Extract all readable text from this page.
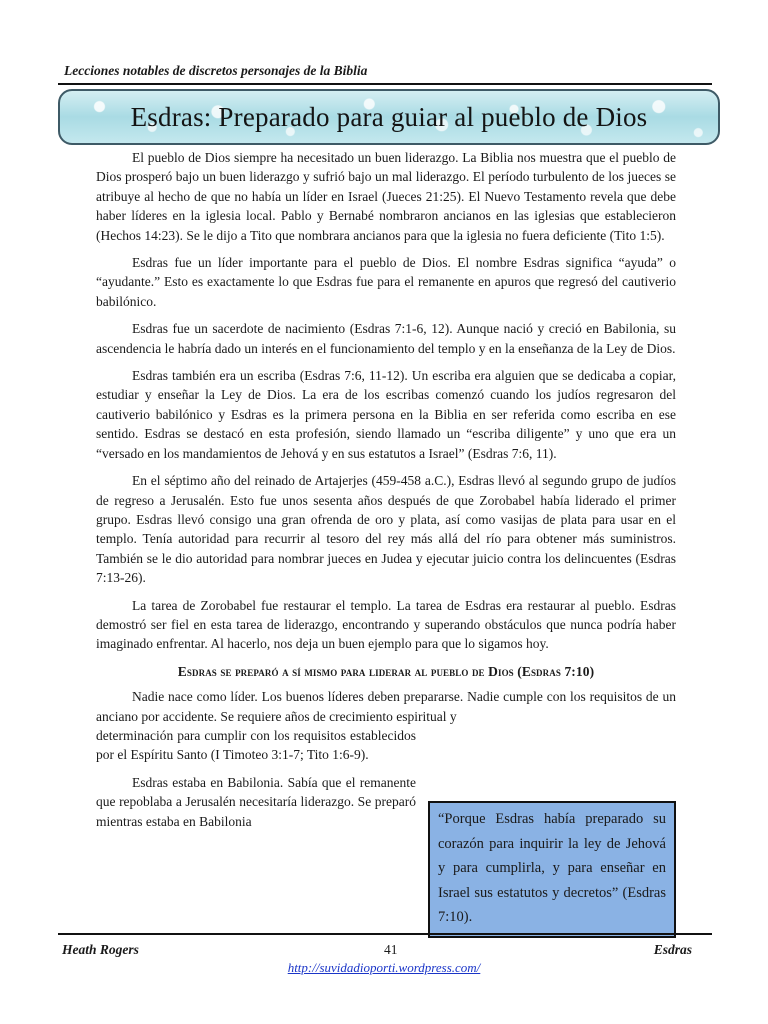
Lecciones notables de discretos personajes de la Biblia
Esdras: Preparado para guiar al pueblo de Dios

El pueblo de Dios siempre ha necesitado un buen liderazgo. La Biblia nos muestra que el pueblo de Dios prosperó bajo un buen liderazgo y sufrió bajo un mal liderazgo. El período turbulento de los jueces se atribuye al hecho de que no había un líder en Israel (Jueces 21:25). El Nuevo Testamento revela que debe haber líderes en la iglesia local. Pablo y Bernabé nombraron ancianos en las iglesias que establecieron (Hechos 14:23). Se le dijo a Tito que nombrara ancianos para que la iglesia no fuera deficiente (Tito 1:5).

Esdras fue un líder importante para el pueblo de Dios. El nombre Esdras significa “ayuda” o “ayudante.” Esto es exactamente lo que Esdras fue para el remanente en apuros que regresó del cautiverio babilónico.

Esdras fue un sacerdote de nacimiento (Esdras 7:1-6, 12). Aunque nació y creció en Babilonia, su ascendencia le habría dado un interés en el funcionamiento del templo y en la enseñanza de la Ley de Dios.

Esdras también era un escriba (Esdras 7:6, 11-12). Un escriba era alguien que se dedicaba a copiar, estudiar y enseñar la Ley de Dios. La era de los escribas comenzó cuando los judíos regresaron del cautiverio babilónico y Esdras es la primera persona en la Biblia en ser referida como escriba en ese sentido. Esdras se destacó en esta profesión, siendo llamado un “escriba diligente” y uno que era un “versado en los mandamientos de Jehová y en sus estatutos a Israel” (Esdras 7:6, 11).

En el séptimo año del reinado de Artajerjes (459-458 a.C.), Esdras llevó al segundo grupo de judíos de regreso a Jerusalén. Esto fue unos sesenta años después de que Zorobabel había liderado el primer grupo. Esdras llevó consigo una gran ofrenda de oro y plata, así como vasijas de plata para usar en el templo. Tenía autoridad para recurrir al tesoro del rey más allá del río para obtener más suministros. También se le dio autoridad para nombrar jueces en Judea y ejecutar juicio contra los delincuentes (Esdras 7:13-26).

La tarea de Zorobabel fue restaurar el templo. La tarea de Esdras era restaurar al pueblo. Esdras demostró ser fiel en esta tarea de liderazgo, encontrando y superando obstáculos que nunca podría haber imaginado enfrentar. Al hacerlo, nos deja un buen ejemplo para que lo sigamos hoy.

Esdras se preparó a sí mismo para liderar al pueblo de Dios (Esdras 7:10)

Nadie nace como líder. Los buenos líderes deben prepararse. Nadie cumple con los requisitos de un anciano por accidente. Se requiere años de crecimiento espiritual y

determinación para cumplir con los requisitos establecidos por el Espíritu Santo (I Timoteo 3:1-7; Tito 1:6-9).

Esdras estaba en Babilonia. Sabía que el remanente que repoblaba a Jerusalén necesitaría liderazgo. Se preparó mientras estaba en Babilonia	“Porque Esdras había preparado su corazón para inquirir la ley de Jehová y para cumplirla, y para enseñar en Israel sus estatutos y decretos” (Esdras 7:10).
Heath Rogers	41	Esdras
http://suvidadioporti.wordpress.com/
